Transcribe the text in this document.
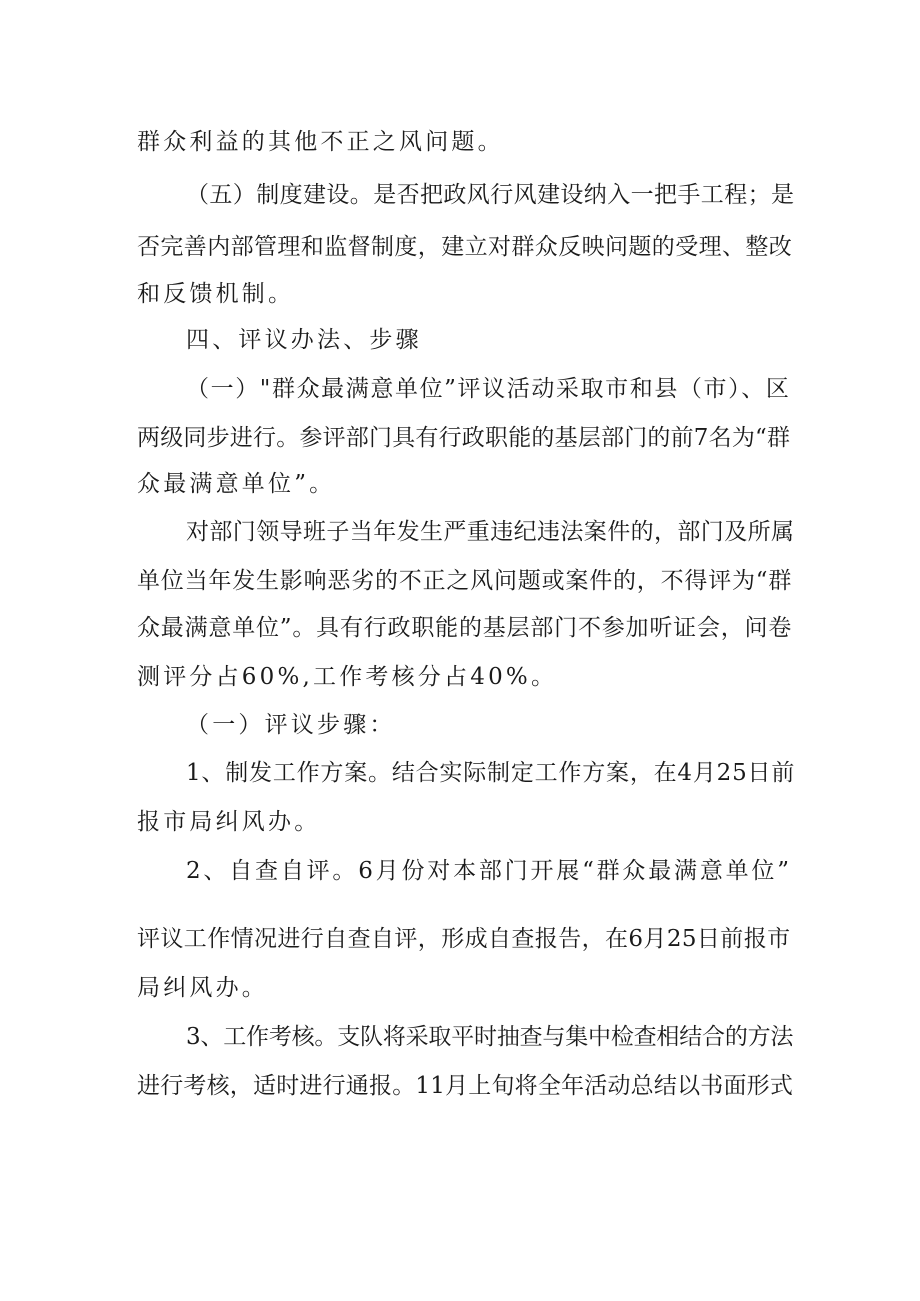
群众利益的其他不正之风问题。

（五）制度建设。是否把政风行风建设纳入一把手工程；是

否完善内部管理和监督制度，建立对群众反映问题的受理、整改

和反馈机制。

四、评议办法、步骤

（一）"群众最满意单位”评议活动采取市和县（市）、区

两级同步进行。参评部门具有行政职能的基层部门的前7名为“群

众最满意单位”。

对部门领导班子当年发生严重违纪违法案件的，部门及所属

单位当年发生影响恶劣的不正之风问题或案件的，不得评为“群

众最满意单位”。具有行政职能的基层部门不参加听证会，问卷

测评分占60%,工作考核分占40%。

（一）评议步骤：

1、制发工作方案。结合实际制定工作方案，在4月25日前

报市局纠风办。

2、自查自评。6月份对本部门开展“群众最满意单位”

评议工作情况进行自查自评，形成自查报告，在6月25日前报市

局纠风办。

3、工作考核。支队将采取平时抽查与集中检查相结合的方法

进行考核，适时进行通报。11月上旬将全年活动总结以书面形式
